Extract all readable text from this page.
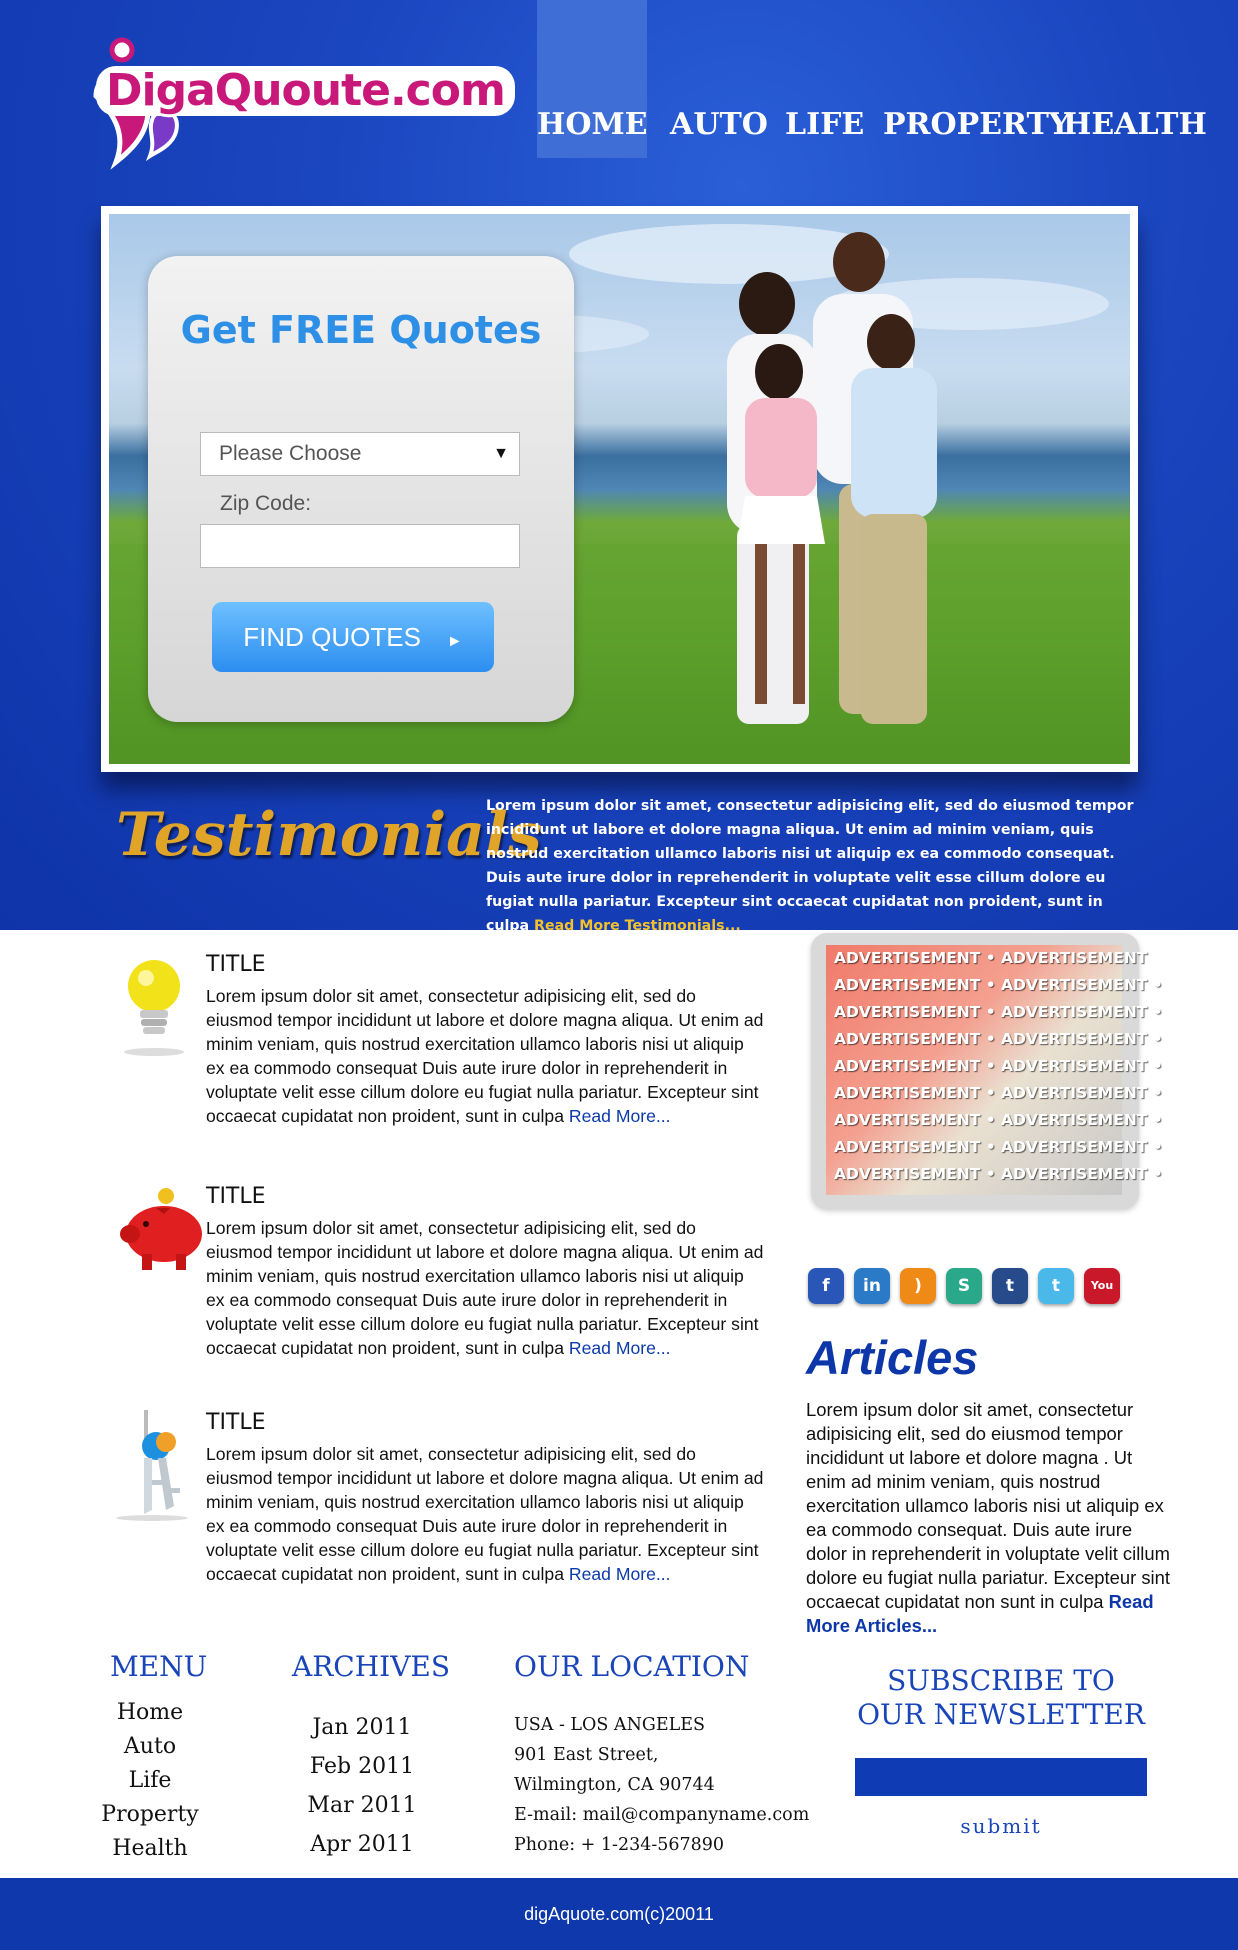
DigaQuoute.com
HOME AUTO LIFE PROPERTY
HEALTH
Get FREE Quotes
Please Choose	▼
Zip Code:
FIND QUOTES ►
Testimonials
Lorem ipsum dolor sit amet, consectetur adipisicing elit, sed do eiusmod tempor incididunt ut labore et dolore magna aliqua. Ut enim ad minim veniam, quis nostrud exercitation ullamco laboris nisi ut aliquip ex ea commodo consequat. Duis aute irure dolor in reprehenderit in voluptate velit esse cillum dolore eu fugiat nulla pariatur. Excepteur sint occaecat cupidatat non proident, sunt in culpa Read More Testimonials...
TITLE
Lorem ipsum dolor sit amet, consectetur adipisicing elit, sed do eiusmod tempor incididunt ut labore et dolore magna aliqua. Ut enim ad minim veniam, quis nostrud exercitation ullamco laboris nisi ut aliquip ex ea commodo consequat Duis aute irure dolor in reprehenderit in voluptate velit esse cillum dolore eu fugiat nulla pariatur. Excepteur sint occaecat cupidatat non proident, sunt in culpa Read More...
TITLE
Lorem ipsum dolor sit amet, consectetur adipisicing elit, sed do eiusmod tempor incididunt ut labore et dolore magna aliqua. Ut enim ad minim veniam, quis nostrud exercitation ullamco laboris nisi ut aliquip ex ea commodo consequat Duis aute irure dolor in reprehenderit in voluptate velit esse cillum dolore eu fugiat nulla pariatur. Excepteur sint occaecat cupidatat non proident, sunt in culpa Read More...
TITLE
Lorem ipsum dolor sit amet, consectetur adipisicing elit, sed do eiusmod tempor incididunt ut labore et dolore magna aliqua. Ut enim ad minim veniam, quis nostrud exercitation ullamco laboris nisi ut aliquip ex ea commodo consequat Duis aute irure dolor in reprehenderit in voluptate velit esse cillum dolore eu fugiat nulla pariatur. Excepteur sint occaecat cupidatat non proident, sunt in culpa Read More...
ADVERTISEMENT • ADVERTISEMENT
ADVERTISEMENT • ADVERTISEMENT •
ADVERTISEMENT • ADVERTISEMENT •
ADVERTISEMENT • ADVERTISEMENT •
ADVERTISEMENT • ADVERTISEMENT •
ADVERTISEMENT • ADVERTISEMENT •
ADVERTISEMENT • ADVERTISEMENT •
ADVERTISEMENT • ADVERTISEMENT •
ADVERTISEMENT • ADVERTISEMENT •
f	in	)	S	t	t	You
Articles
Lorem ipsum dolor sit amet, consectetur adipisicing elit, sed do eiusmod tempor incididunt ut labore et dolore magna . Ut enim ad minim veniam, quis nostrud exercitation ullamco laboris nisi ut aliquip ex ea commodo consequat. Duis aute irure dolor in reprehenderit in voluptate velit cillum dolore eu fugiat nulla pariatur. Excepteur sint occaecat cupidatat non sunt in culpa Read More Articles...
MENU
Home
Auto
Life
Property
Health
ARCHIVES
Jan 2011
Feb 2011
Mar 2011
Apr 2011
OUR LOCATION
USA - LOS ANGELES
901 East Street,
Wilmington, CA 90744
E-mail: mail@companyname.com
Phone: + 1-234-567890
SUBSCRIBE TO OUR NEWSLETTER
submit
digAquote.com(c)20011
